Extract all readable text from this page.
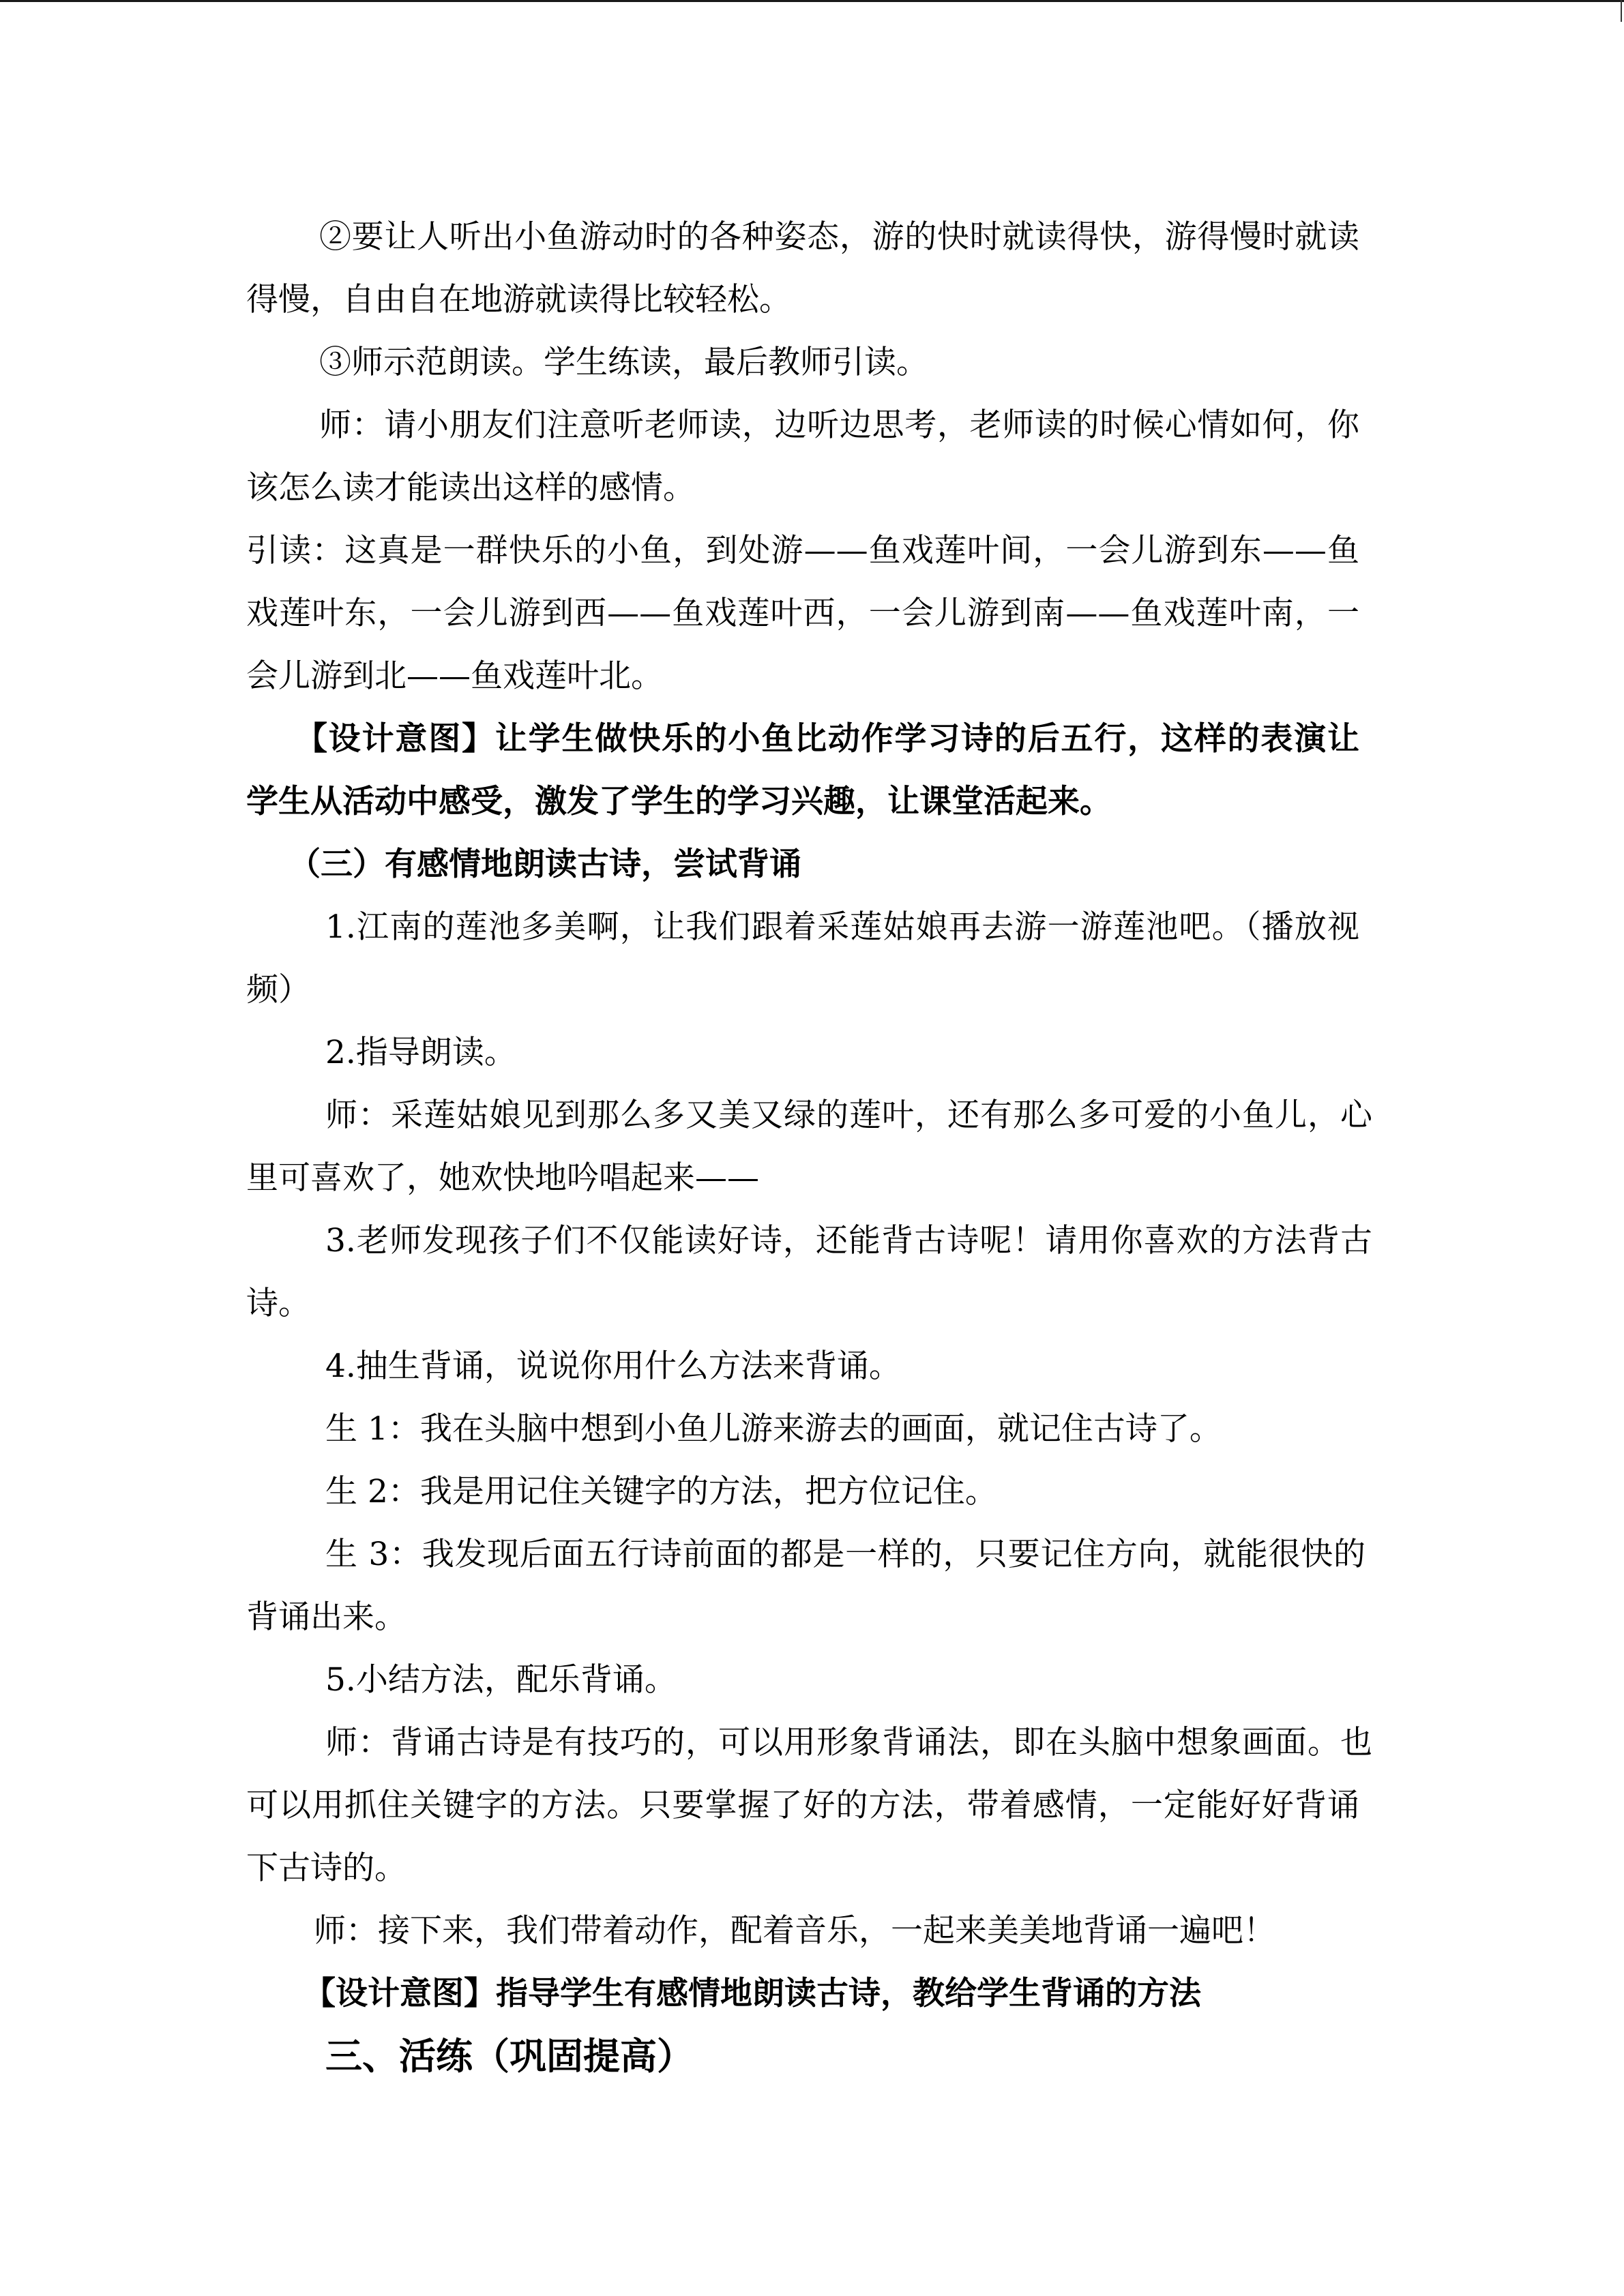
②要让人听出小鱼游动时的各种姿态，游的快时就读得快，游得慢时就读
得慢，自由自在地游就读得比较轻松。
③师示范朗读。学生练读，最后教师引读。
师：请小朋友们注意听老师读，边听边思考，老师读的时候心情如何，你
该怎么读才能读出这样的感情。
引读：这真是一群快乐的小鱼，到处游——鱼戏莲叶间，一会儿游到东——鱼
戏莲叶东，一会儿游到西——鱼戏莲叶西，一会儿游到南——鱼戏莲叶南，一
会儿游到北——鱼戏莲叶北。
【设计意图】让学生做快乐的小鱼比动作学习诗的后五行，这样的表演让
学生从活动中感受，激发了学生的学习兴趣，让课堂活起来。
（三）有感情地朗读古诗，尝试背诵
1.江南的莲池多美啊，让我们跟着采莲姑娘再去游一游莲池吧。（播放视
频）
2.指导朗读。
师：采莲姑娘见到那么多又美又绿的莲叶，还有那么多可爱的小鱼儿，心
里可喜欢了，她欢快地吟唱起来——
3.老师发现孩子们不仅能读好诗，还能背古诗呢！请用你喜欢的方法背古
诗。
4.抽生背诵，说说你用什么方法来背诵。
生 1：我在头脑中想到小鱼儿游来游去的画面，就记住古诗了。
生 2：我是用记住关键字的方法，把方位记住。
生 3：我发现后面五行诗前面的都是一样的，只要记住方向，就能很快的
背诵出来。
5.小结方法，配乐背诵。
师：背诵古诗是有技巧的，可以用形象背诵法，即在头脑中想象画面。也
可以用抓住关键字的方法。只要掌握了好的方法，带着感情，一定能好好背诵
下古诗的。
师：接下来，我们带着动作，配着音乐，一起来美美地背诵一遍吧！
【设计意图】指导学生有感情地朗读古诗，教给学生背诵的方法
三、活练（巩固提高）
